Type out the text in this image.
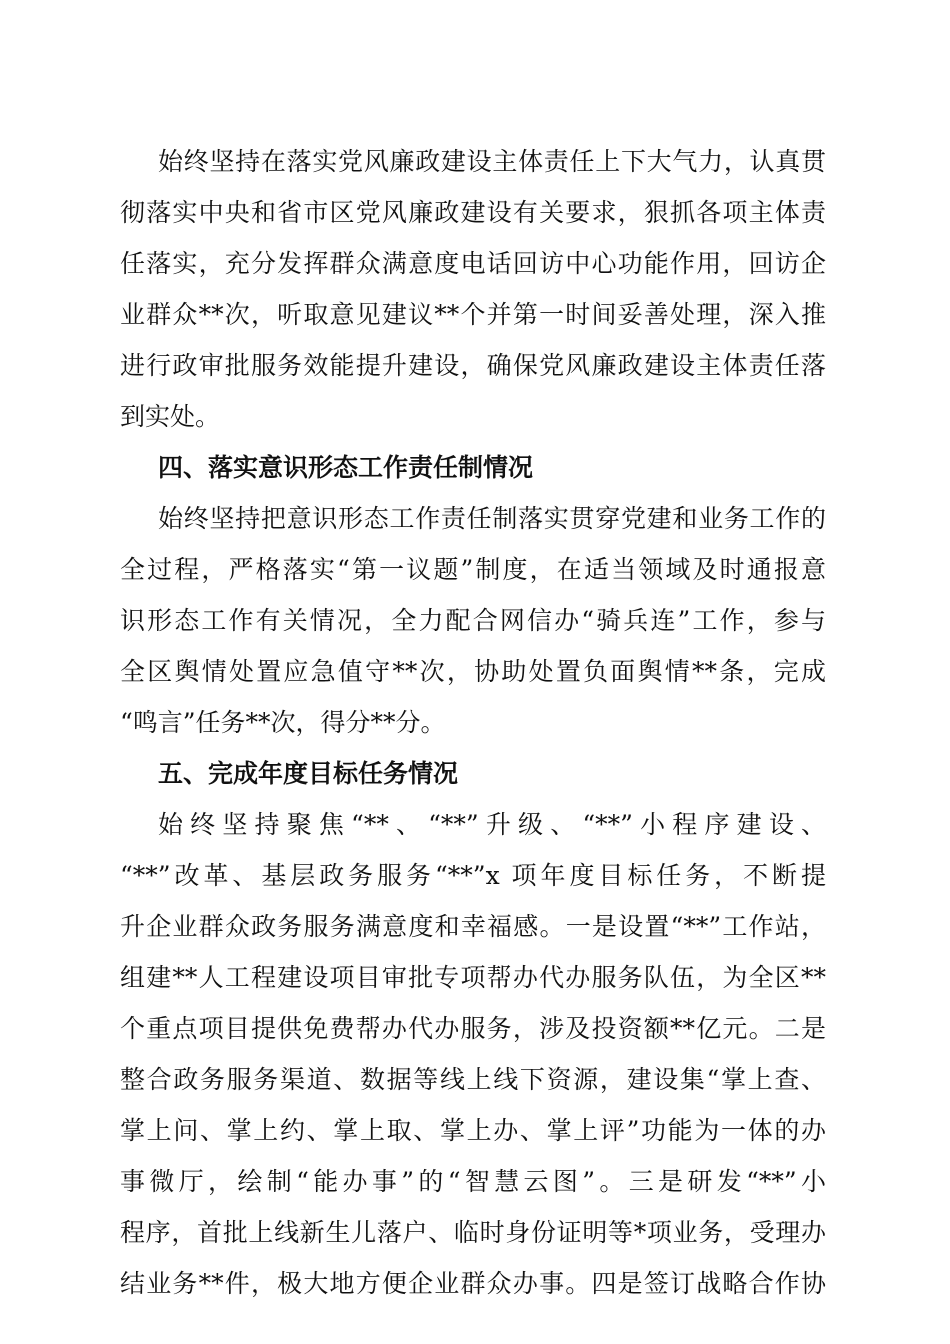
始终坚持在落实党风廉政建设主体责任上下大气力，认真贯
彻落实中央和省市区党风廉政建设有关要求，狠抓各项主体责
任落实，充分发挥群众满意度电话回访中心功能作用，回访企
业群众**次，听取意见建议**个并第一时间妥善处理，深入推
进行政审批服务效能提升建设，确保党风廉政建设主体责任落
到实处。
四、落实意识形态工作责任制情况
始终坚持把意识形态工作责任制落实贯穿党建和业务工作的
全过程，严格落实“第一议题”制度，在适当领域及时通报意
识形态工作有关情况，全力配合网信办“骑兵连”工作，参与
全区舆情处置应急值守**次，协助处置负面舆情**条，完成
“鸣言”任务**次，得分**分。
五、完成年度目标任务情况
始终坚持聚焦“**、“**”升级、“**”小程序建设、
“**”改革、基层政务服务“**”x 项年度目标任务，不断提
升企业群众政务服务满意度和幸福感。一是设置“**”工作站，
组建**人工程建设项目审批专项帮办代办服务队伍，为全区**
个重点项目提供免费帮办代办服务，涉及投资额**亿元。二是
整合政务服务渠道、数据等线上线下资源，建设集“掌上查、
掌上问、掌上约、掌上取、掌上办、掌上评”功能为一体的办
事微厅，绘制“能办事”的“智慧云图”。三是研发“**”小
程序，首批上线新生儿落户、临时身份证明等*项业务，受理办
结业务**件，极大地方便企业群众办事。四是签订战略合作协
